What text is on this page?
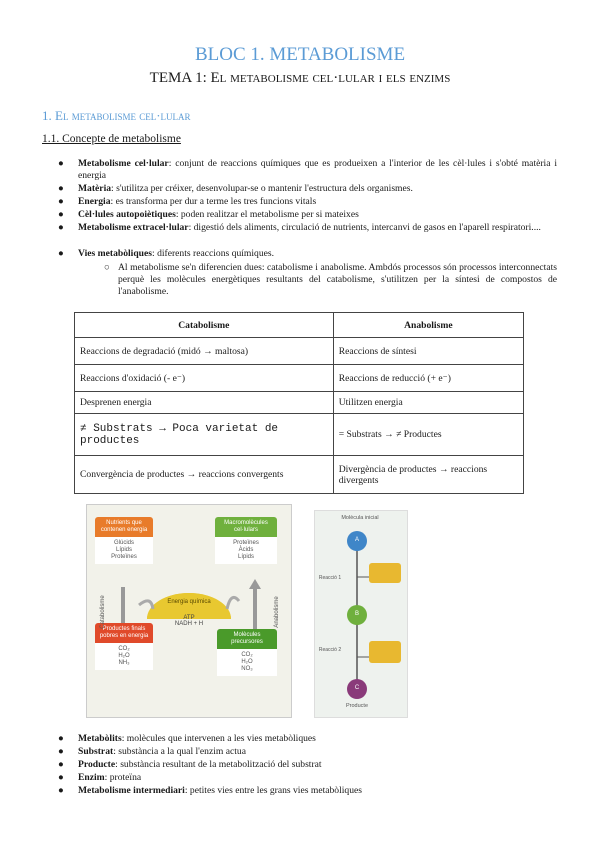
BLOC 1. METABOLISME
TEMA 1: El metabolisme cel·lular i els enzims
1. El metabolisme cel·lular
1.1. Concepte de metabolisme
● Metabolisme cel·lular: conjunt de reaccions químiques que es produeixen a l'interior de les cèl·lules i s'obté matèria i energia
● Matèria: s'utilitza per créixer, desenvolupar-se o mantenir l'estructura dels organismes.
● Energia: es transforma per dur a terme les tres funcions vitals
● Cèl·lules autopoiètiques: poden realitzar el metabolisme per si mateixes
● Metabolisme extracel·lular: digestió dels aliments, circulació de nutrients, intercanvi de gasos en l'aparell respiratori....
● Vies metabòliques: diferents reaccions químiques.
○ Al metabolisme se'n diferencien dues: catabolisme i anabolisme. Ambdós processos són processos interconnectats perquè les molècules energètiques resultants del catabolisme, s'utilitzen per la síntesi de compostos de l'anabolisme.
Catabolisme	Anabolisme
Reaccions de degradació (midó → maltosa)	Reaccions de síntesi
Reaccions d'oxidació (- e⁻)	Reaccions de reducció (+ e⁻)
Desprenen energia	Utilitzen energia
≠ Substrats → Poca varietat de productes	= Substrats → ≠ Productes
Convergència de productes → reaccions convergents	Divergència de productes → reaccions divergents
Nutrients que contenen energia
Glúcids
Lípids
Proteïnes
Macromolècules cel·lulars
Proteïnes
Àcids
Lípids
Energia química
ATP
NADH + H
Productes finals pobres en energia
CO₂
H₂O
NH₃
Molècules precursores
CO₂
H₂O
NO₃
Catabolisme	Anabolisme
Molècula inicial
A
B
C
Reacció 1
Reacció 2
Producte
● Metabòlits: molècules que intervenen a les vies metabòliques
● Substrat: substància a la qual l'enzim actua
● Producte: substància resultant de la metabolització del substrat
● Enzim: proteïna
● Metabolisme intermediari: petites vies entre les grans vies metabòliques
